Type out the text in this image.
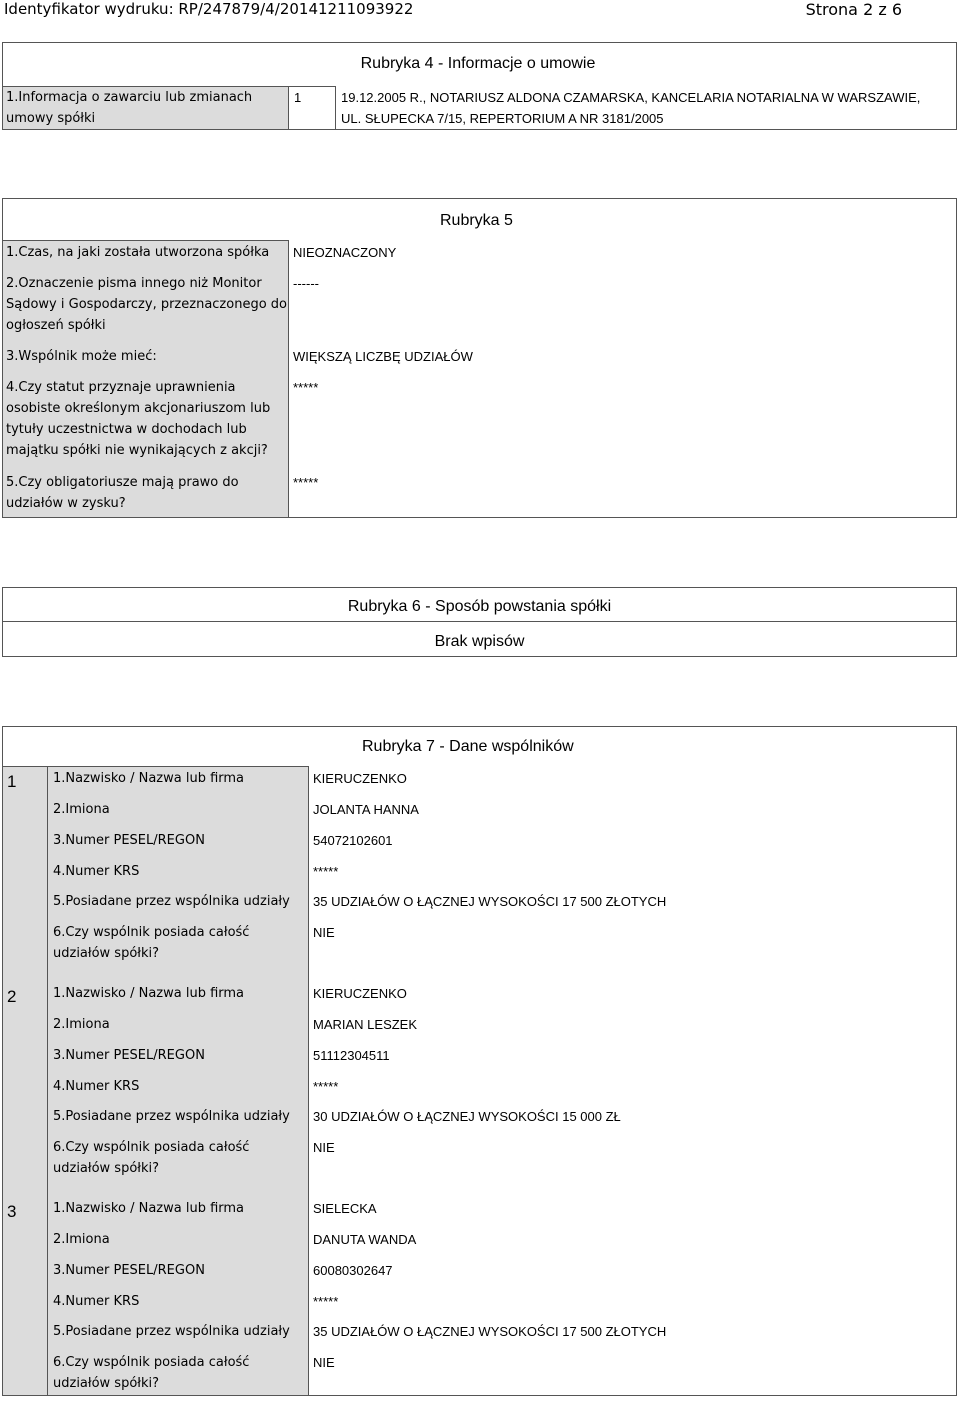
Identyfikator wydruku: RP/247879/4/20141211093922	Strona 2 z 6
Rubryka 4 - Informacje o umowie
1.Informacja o zawarciu lub zmianach
umowy spółki
1	19.12.2005 R., NOTARIUSZ ALDONA CZAMARSKA, KANCELARIA NOTARIALNA W WARSZAWIE,
UL. SŁUPECKA 7/15, REPERTORIUM A NR 3181/2005
Rubryka 5
1.Czas, na jaki została utworzona spółka NIEOZNACZONY
2.Oznaczenie pisma innego niż Monitor
Sądowy i Gospodarczy, przeznaczonego do
ogłoszeń spółki
------
3.Wspólnik może mieć:	WIĘKSZĄ LICZBĘ UDZIAŁÓW
4.Czy statut przyznaje uprawnienia
osobiste określonym akcjonariuszom lub
tytuły uczestnictwa w dochodach lub
majątku spółki nie wynikających z akcji?
*****
5.Czy obligatoriusze mają prawo do
udziałów w zysku?
*****
Rubryka 6 - Sposób powstania spółki
Brak wpisów
Rubryka 7 - Dane wspólników
1	1.Nazwisko / Nazwa lub firma	KIERUCZENKO
2.Imiona	JOLANTA HANNA
3.Numer PESEL/REGON	54072102601
4.Numer KRS	*****
5.Posiadane przez wspólnika udziały 35 UDZIAŁÓW O ŁĄCZNEJ WYSOKOŚCI 17 500 ZŁOTYCH
6.Czy wspólnik posiada całość
udziałów spółki?
NIE
2	1.Nazwisko / Nazwa lub firma	KIERUCZENKO
2.Imiona	MARIAN LESZEK
3.Numer PESEL/REGON	51112304511
4.Numer KRS	*****
5.Posiadane przez wspólnika udziały 30 UDZIAŁÓW O ŁĄCZNEJ WYSOKOŚCI 15 000 ZŁ
6.Czy wspólnik posiada całość
udziałów spółki?
NIE
3	1.Nazwisko / Nazwa lub firma	SIELECKA
2.Imiona	DANUTA WANDA
3.Numer PESEL/REGON	60080302647
4.Numer KRS	*****
5.Posiadane przez wspólnika udziały 35 UDZIAŁÓW O ŁĄCZNEJ WYSOKOŚCI 17 500 ZŁOTYCH
6.Czy wspólnik posiada całość
udziałów spółki?
NIE
